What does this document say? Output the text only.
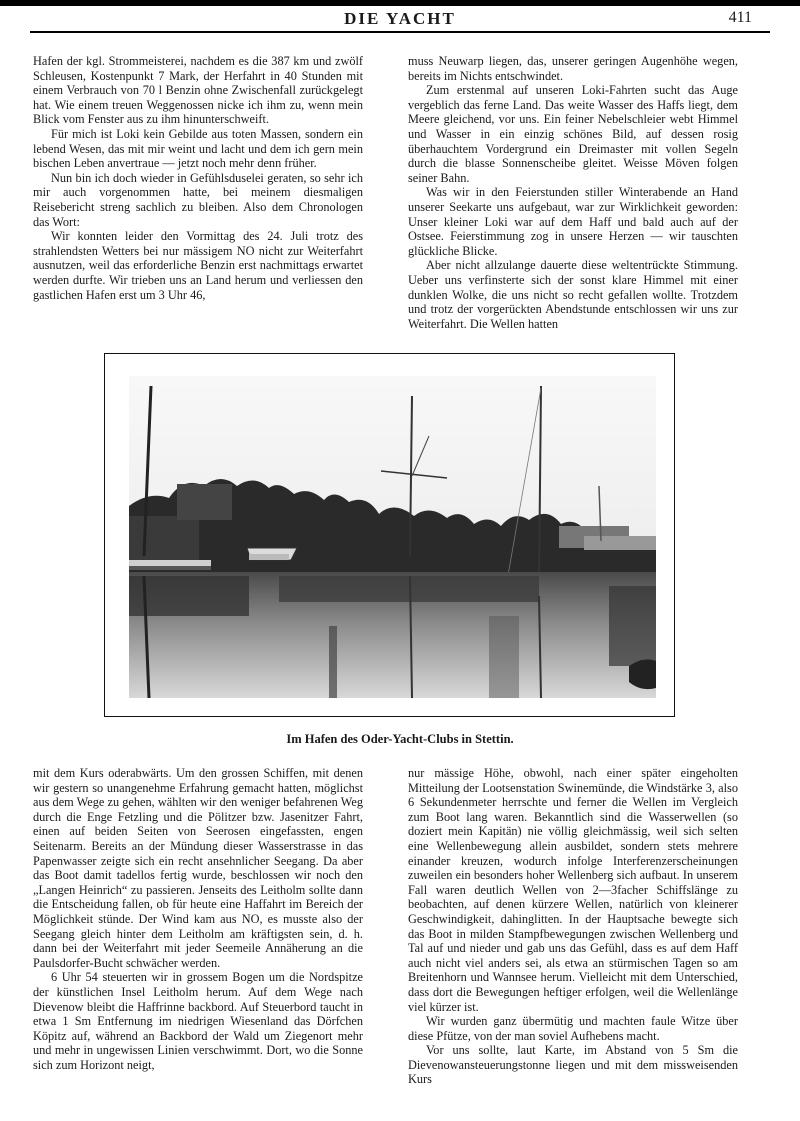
DIE YACHT	411

Hafen der kgl. Strommeisterei, nachdem es die 387 km und zwölf Schleusen, Kostenpunkt 7 Mark, der Herfahrt in 40 Stunden mit einem Verbrauch von 70 l Benzin ohne Zwischenfall zurückgelegt hat. Wie einem treuen Weggenossen nicke ich ihm zu, wenn mein Blick vom Fenster aus zu ihm hinunterschweift.

Für mich ist Loki kein Gebilde aus toten Massen, sondern ein lebend Wesen, das mit mir weint und lacht und dem ich gern mein bischen Leben anvertraue — jetzt noch mehr denn früher.

Nun bin ich doch wieder in Gefühlsduselei geraten, so sehr ich mir auch vorgenommen hatte, bei meinem diesmaligen Reisebericht streng sachlich zu bleiben. Also dem Chronologen das Wort:

Wir konnten leider den Vormittag des 24. Juli trotz des strahlendsten Wetters bei nur mässigem NO nicht zur Weiterfahrt ausnutzen, weil das erforderliche Benzin erst nachmittags erwartet werden durfte. Wir trieben uns an Land herum und verliessen den gastlichen Hafen erst um 3 Uhr 46,

muss Neuwarp liegen, das, unserer geringen Augenhöhe wegen, bereits im Nichts entschwindet.

Zum erstenmal auf unseren Loki-Fahrten sucht das Auge vergeblich das ferne Land. Das weite Wasser des Haffs liegt, dem Meere gleichend, vor uns. Ein feiner Nebelschleier webt Himmel und Wasser in ein einzig schönes Bild, auf dessen rosig überhauchtem Vordergrund ein Dreimaster mit vollen Segeln durch die blasse Sonnenscheibe gleitet. Weisse Möven folgen seiner Bahn.

Was wir in den Feierstunden stiller Winterabende an Hand unserer Seekarte uns aufgebaut, war zur Wirklichkeit geworden: Unser kleiner Loki war auf dem Haff und bald auch auf der Ostsee. Feierstimmung zog in unsere Herzen — wir tauschten glückliche Blicke.

Aber nicht allzulange dauerte diese weltentrückte Stimmung. Ueber uns verfinsterte sich der sonst klare Himmel mit einer dunklen Wolke, die uns nicht so recht gefallen wollte. Trotzdem und trotz der vorgerückten Abendstunde entschlossen wir uns zur Weiterfahrt. Die Wellen hatten

Im Hafen des Oder-Yacht-Clubs in Stettin.

mit dem Kurs oderabwärts. Um den grossen Schiffen, mit denen wir gestern so unangenehme Erfahrung gemacht hatten, möglichst aus dem Wege zu gehen, wählten wir den weniger befahrenen Weg durch die Enge Fetzling und die Pölitzer bzw. Jasenitzer Fahrt, einen auf beiden Seiten von Seerosen eingefassten, engen Seitenarm. Bereits an der Mündung dieser Wasserstrasse in das Papenwasser zeigte sich ein recht ansehnlicher Seegang. Da aber das Boot damit tadellos fertig wurde, beschlossen wir noch den „Langen Heinrich“ zu passieren. Jenseits des Leitholm sollte dann die Entscheidung fallen, ob für heute eine Haffahrt im Bereich der Möglichkeit stünde. Der Wind kam aus NO, es musste also der Seegang gleich hinter dem Leitholm am kräftigsten sein, d. h. dann bei der Weiterfahrt mit jeder Seemeile Annäherung an die Paulsdorfer-Bucht schwächer werden.

6 Uhr 54 steuerten wir in grossem Bogen um die Nordspitze der künstlichen Insel Leitholm herum. Auf dem Wege nach Dievenow bleibt die Haffrinne backbord. Auf Steuerbord taucht in etwa 1 Sm Entfernung im niedrigen Wiesenland das Dörfchen Köpitz auf, während an Backbord der Wald um Ziegenort mehr und mehr in ungewissen Linien verschwimmt. Dort, wo die Sonne sich zum Horizont neigt,

nur mässige Höhe, obwohl, nach einer später eingeholten Mitteilung der Lootsenstation Swinemünde, die Windstärke 3, also 6 Sekundenmeter herrschte und ferner die Wellen im Vergleich zum Boot lang waren. Bekanntlich sind die Wasserwellen (so doziert mein Kapitän) nie völlig gleichmässig, weil sich selten eine Wellenbewegung allein ausbildet, sondern stets mehrere einander kreuzen, wodurch infolge Interferenzerscheinungen zuweilen ein besonders hoher Wellenberg sich aufbaut. In unserem Fall waren deutlich Wellen von 2—3facher Schiffslänge zu beobachten, auf denen kürzere Wellen, natürlich von kleinerer Geschwindigkeit, dahinglitten. In der Hauptsache bewegte sich das Boot in milden Stampfbewegungen zwischen Wellenberg und Tal auf und nieder und gab uns das Gefühl, dass es auf dem Haff auch nicht viel anders sei, als etwa an stürmischen Tagen so am Breitenhorn und Wannsee herum. Vielleicht mit dem Unterschied, dass dort die Bewegungen heftiger erfolgen, weil die Wellenlänge viel kürzer ist.

Wir wurden ganz übermütig und machten faule Witze über diese Pfütze, von der man soviel Aufhebens macht.

Vor uns sollte, laut Karte, im Abstand von 5 Sm die Dievenowansteuerungstonne liegen und mit dem missweisenden Kurs
